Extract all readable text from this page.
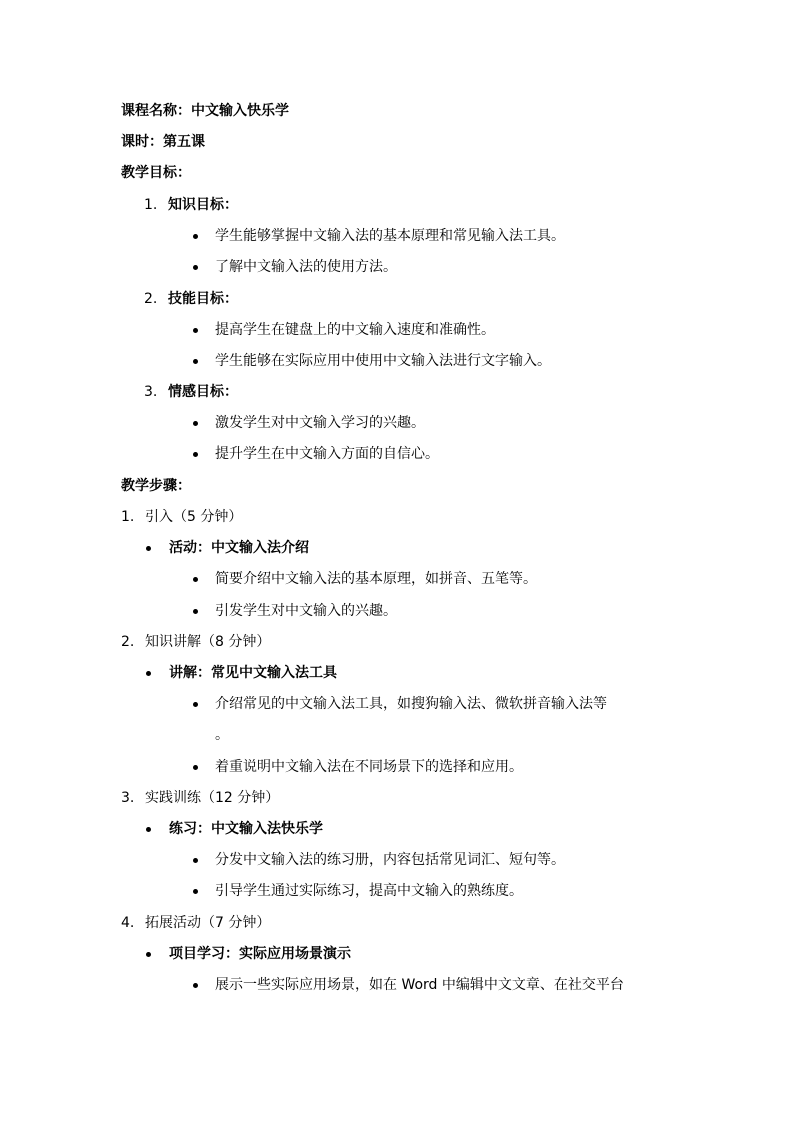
课程名称：中文输入快乐学
课时：第五课
教学目标：
1. 知识目标：
学生能够掌握中文输入法的基本原理和常见输入法工具。
了解中文输入法的使用方法。
2. 技能目标：
提高学生在键盘上的中文输入速度和准确性。
学生能够在实际应用中使用中文输入法进行文字输入。
3. 情感目标：
激发学生对中文输入学习的兴趣。
提升学生在中文输入方面的自信心。
教学步骤：
1. 引入（5 分钟）
活动：中文输入法介绍
简要介绍中文输入法的基本原理，如拼音、五笔等。
引发学生对中文输入的兴趣。
2. 知识讲解（8 分钟）
讲解：常见中文输入法工具
介绍常见的中文输入法工具，如搜狗输入法、微软拼音输入法等
。
着重说明中文输入法在不同场景下的选择和应用。
3. 实践训练（12 分钟）
练习：中文输入法快乐学
分发中文输入法的练习册，内容包括常见词汇、短句等。
引导学生通过实际练习，提高中文输入的熟练度。
4. 拓展活动（7 分钟）
项目学习：实际应用场景演示
展示一些实际应用场景，如在 Word 中编辑中文文章、在社交平台
